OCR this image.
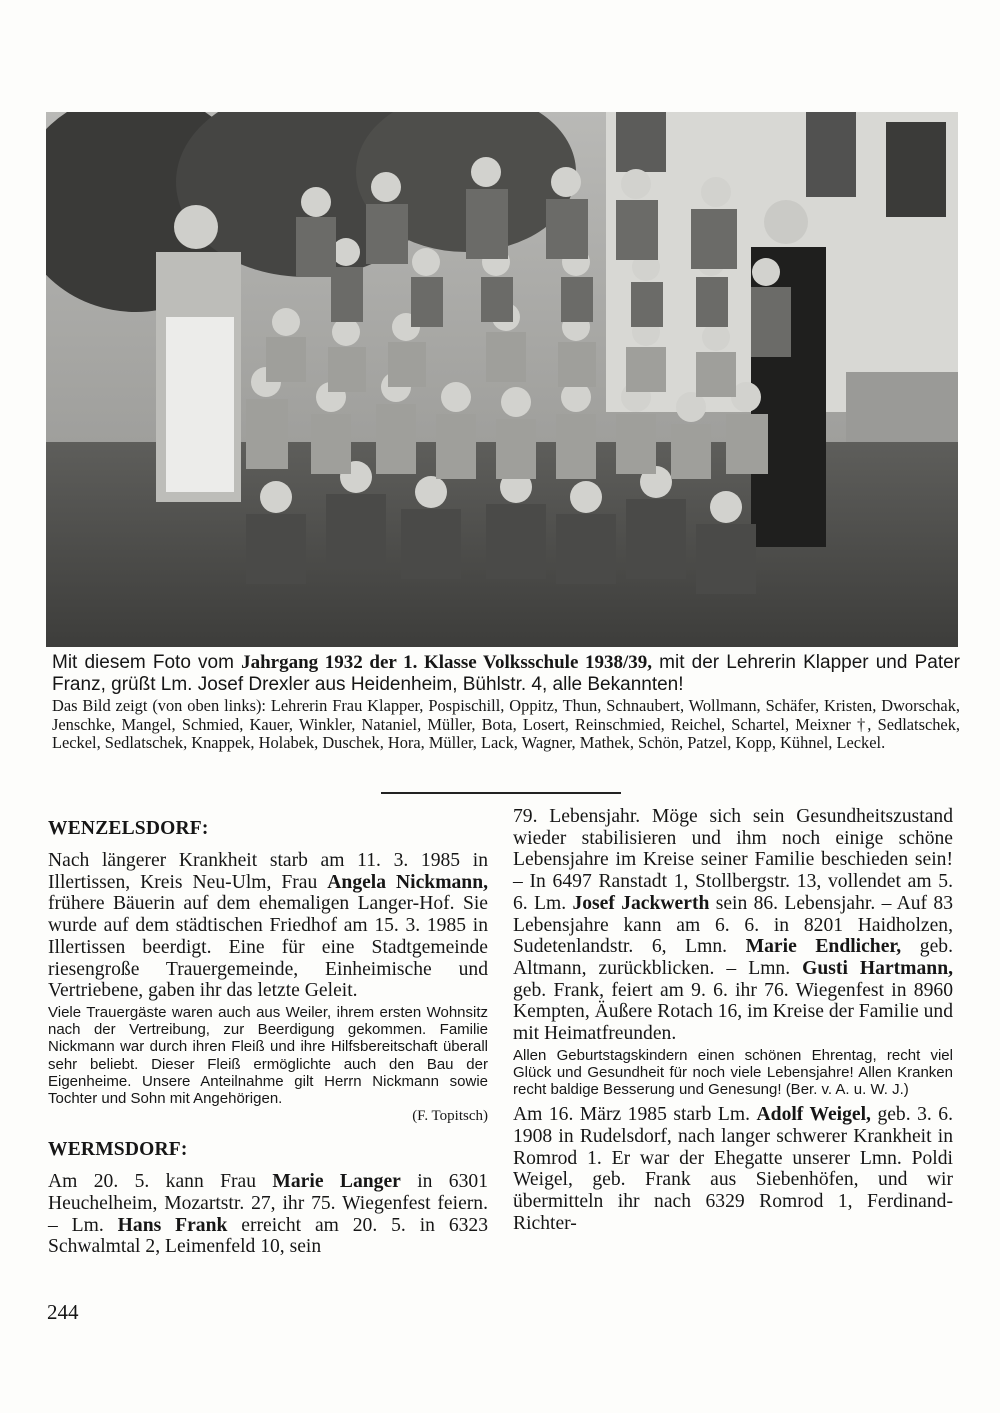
Mit diesem Foto vom Jahrgang 1932 der 1. Klasse Volksschule 1938/39, mit der Lehrerin Klapper und Pater Franz, grüßt Lm. Josef Drexler aus Heidenheim, Bühlstr. 4, alle Bekannten!

Das Bild zeigt (von oben links): Lehrerin Frau Klapper, Pospischill, Oppitz, Thun, Schnaubert, Wollmann, Schäfer, Kristen, Dworschak, Jenschke, Mangel, Schmied, Kauer, Winkler, Nataniel, Müller, Bota, Losert, Reinschmied, Reichel, Schartel, Meixner †, Sedlatschek, Leckel, Sedlatschek, Knappek, Holabek, Duschek, Hora, Müller, Lack, Wagner, Mathek, Schön, Patzel, Kopp, Kühnel, Leckel.

WENZELSDORF:

Nach längerer Krankheit starb am 11. 3. 1985 in Illertissen, Kreis Neu-Ulm, Frau Angela Nickmann, frühere Bäuerin auf dem ehemaligen Langer-Hof. Sie wurde auf dem städtischen Friedhof am 15. 3. 1985 in Illertissen beerdigt. Eine für eine Stadtgemeinde riesengroße Trauergemeinde, Einheimische und Vertriebene, gaben ihr das letzte Geleit.

Viele Trauergäste waren auch aus Weiler, ihrem ersten Wohnsitz nach der Vertreibung, zur Beerdigung gekommen. Familie Nickmann war durch ihren Fleiß und ihre Hilfsbereitschaft überall sehr beliebt. Dieser Fleiß ermöglichte auch den Bau der Eigenheime. Unsere Anteilnahme gilt Herrn Nickmann sowie Tochter und Sohn mit Angehörigen.

(F. Topitsch)

WERMSDORF:

Am 20. 5. kann Frau Marie Langer in 6301 Heuchelheim, Mozartstr. 27, ihr 75. Wiegenfest feiern. – Lm. Hans Frank erreicht am 20. 5. in 6323 Schwalmtal 2, Leimenfeld 10, sein

79. Lebensjahr. Möge sich sein Gesundheitszustand wieder stabilisieren und ihm noch einige schöne Lebensjahre im Kreise seiner Familie beschieden sein! – In 6497 Ranstadt 1, Stollbergstr. 13, vollendet am 5. 6. Lm. Josef Jackwerth sein 86. Lebensjahr. – Auf 83 Lebensjahre kann am 6. 6. in 8201 Haidholzen, Sudetenlandstr. 6, Lmn. Marie Endlicher, geb. Altmann, zurückblicken. – Lmn. Gusti Hartmann, geb. Frank, feiert am 9. 6. ihr 76. Wiegenfest in 8960 Kempten, Äußere Rotach 16, im Kreise der Familie und mit Heimatfreunden.

Allen Geburtstagskindern einen schönen Ehrentag, recht viel Glück und Gesundheit für noch viele Lebensjahre! Allen Kranken recht baldige Besserung und Genesung! (Ber. v. A. u. W. J.)

Am 16. März 1985 starb Lm. Adolf Weigel, geb. 3. 6. 1908 in Rudelsdorf, nach langer schwerer Krankheit in Romrod 1. Er war der Ehegatte unserer Lmn. Poldi Weigel, geb. Frank aus Siebenhöfen, und wir übermitteln ihr nach 6329 Romrod 1, Ferdinand-Richter-

244
